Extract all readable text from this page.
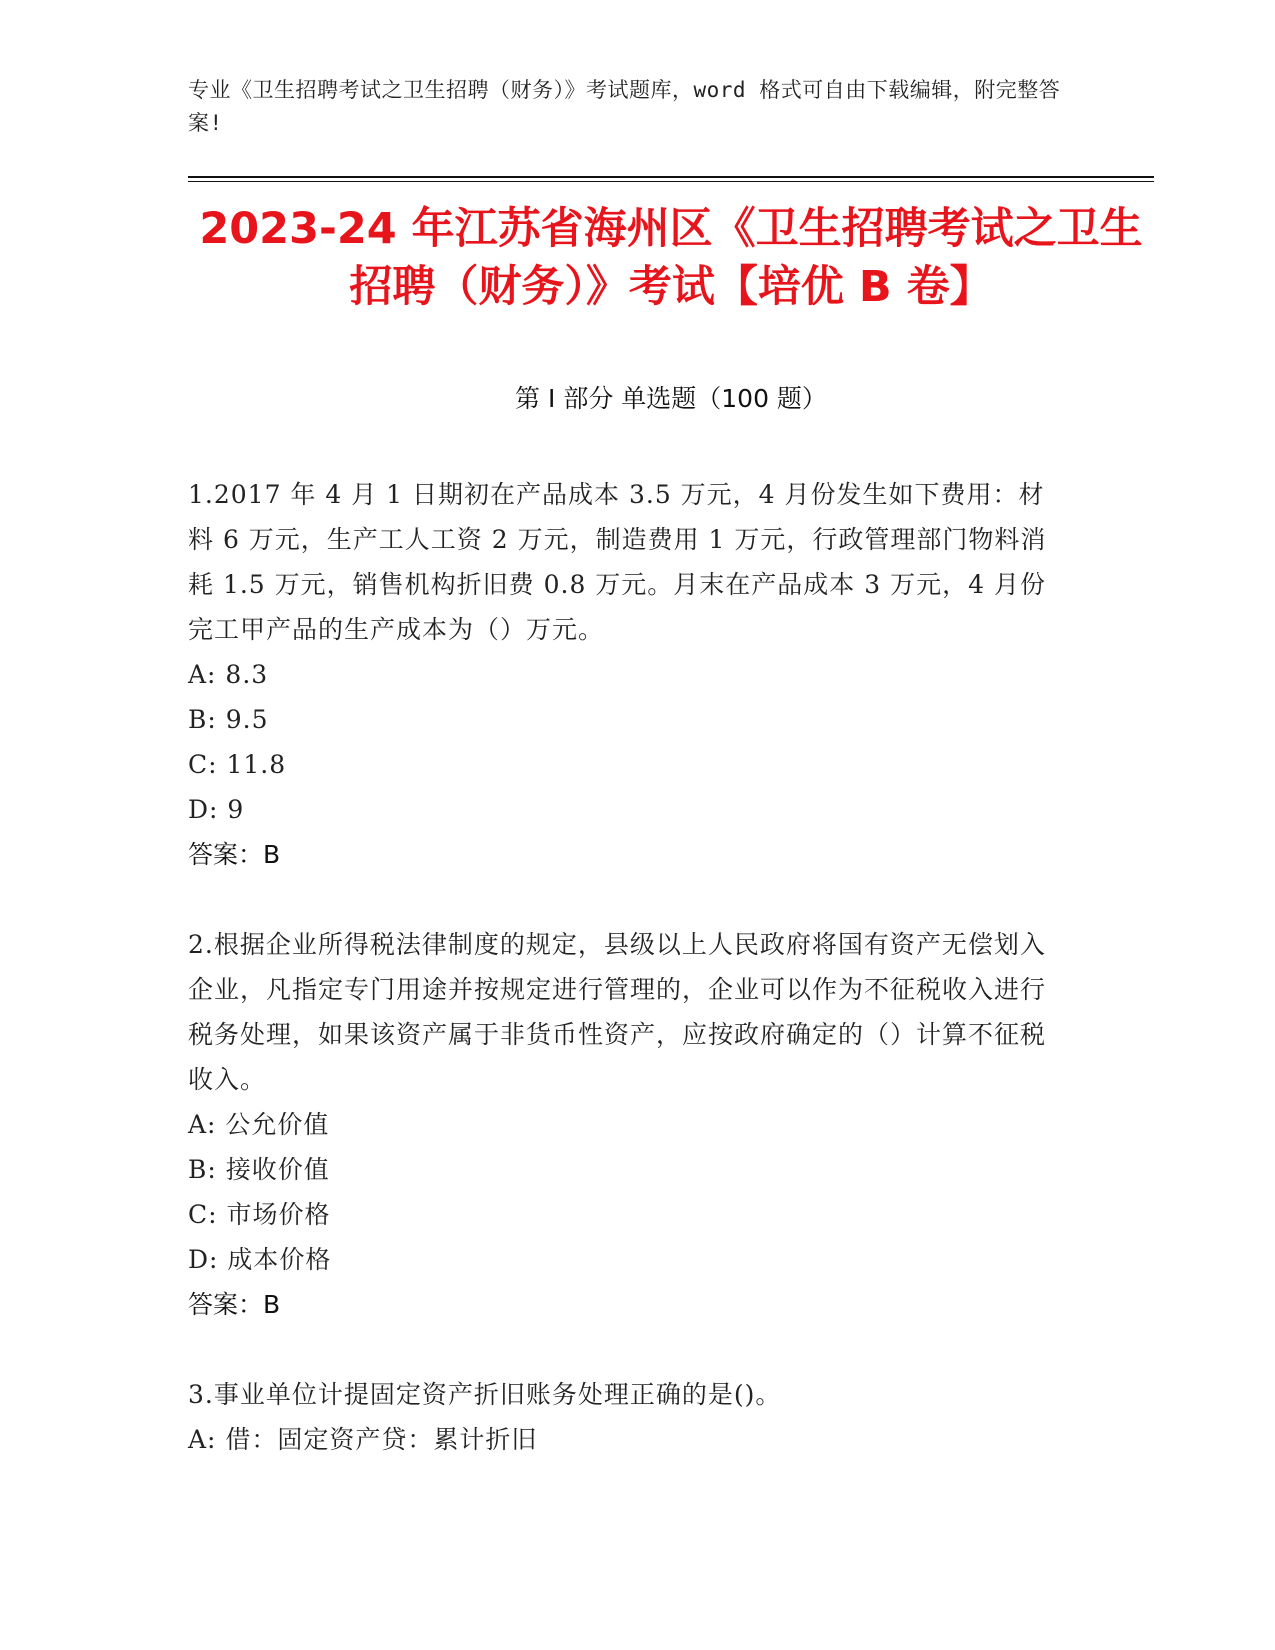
专业《卫生招聘考试之卫生招聘（财务）》考试题库，word 格式可自由下载编辑，附完整答案!
2023-24 年江苏省海州区《卫生招聘考试之卫生招聘（财务）》考试【培优 B 卷】
第 I 部分 单选题（100 题）
1.2017 年 4 月 1 日期初在产品成本 3.5 万元，4 月份发生如下费用：材料 6 万元，生产工人工资 2 万元，制造费用 1 万元，行政管理部门物料消耗 1.5 万元，销售机构折旧费 0.8 万元。月末在产品成本 3 万元，4 月份完工甲产品的生产成本为（）万元。
A: 8.3
B: 9.5
C: 11.8
D: 9
答案：B
2.根据企业所得税法律制度的规定，县级以上人民政府将国有资产无偿划入企业，凡指定专门用途并按规定进行管理的，企业可以作为不征税收入进行税务处理，如果该资产属于非货币性资产，应按政府确定的（）计算不征税收入。
A: 公允价值
B: 接收价值
C: 市场价格
D: 成本价格
答案：B
3.事业单位计提固定资产折旧账务处理正确的是()。
A: 借：固定资产贷：累计折旧
